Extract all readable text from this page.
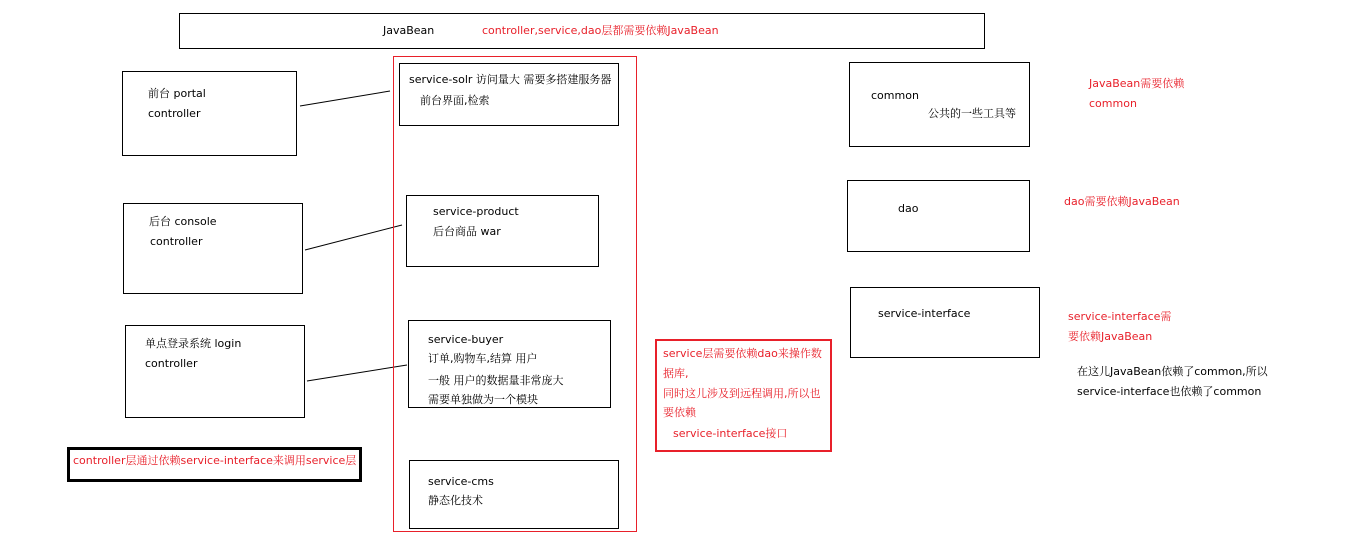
JavaBean	controller,service,dao层都需要依赖JavaBean
前台 portal
controller
后台 console
controller
单点登录系统 login
controller
controller层通过依赖service-interface来调用service层
service-solr 访问量大 需要多搭建服务器
前台界面,检索
service-product
后台商品 war
service-buyer
订单,购物车,结算 用户
一般 用户的数据量非常庞大
需要单独做为一个模块
service-cms
静态化技术
service层需要依赖dao来操作数
据库,
同时这儿涉及到远程调用,所以也
要依赖
service-interface接口
common
公共的一些工具等
JavaBean需要依赖
common
dao
dao需要依赖JavaBean
service-interface	service-interface需
要依赖JavaBean
在这儿JavaBean依赖了common,所以
service-interface也依赖了common
